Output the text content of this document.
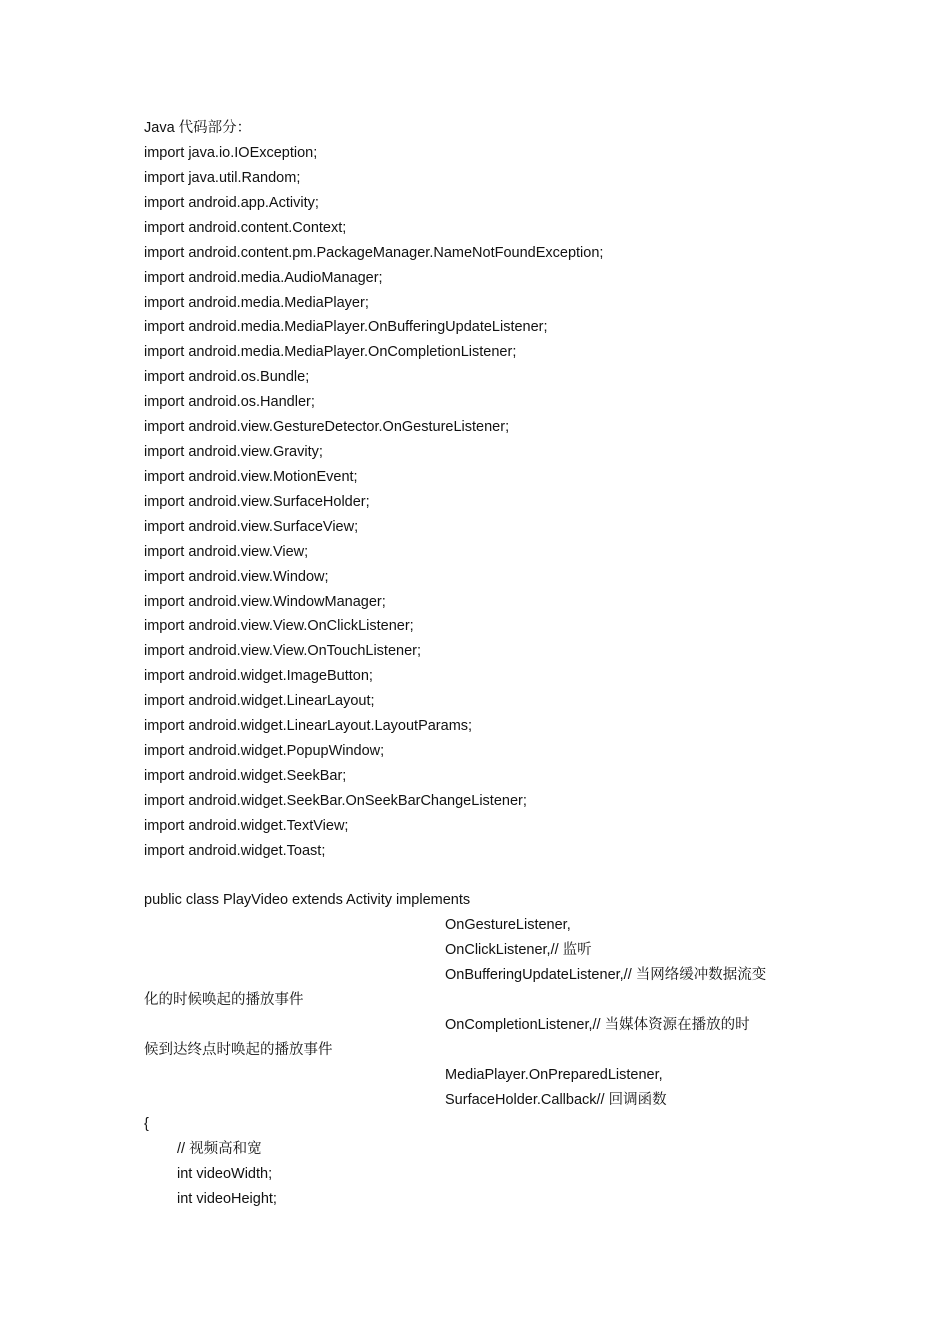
Java 代码部分：

import java.io.IOException;

import java.util.Random;

import android.app.Activity;

import android.content.Context;

import android.content.pm.PackageManager.NameNotFoundException;

import android.media.AudioManager;

import android.media.MediaPlayer;

import android.media.MediaPlayer.OnBufferingUpdateListener;

import android.media.MediaPlayer.OnCompletionListener;

import android.os.Bundle;

import android.os.Handler;

import android.view.GestureDetector.OnGestureListener;

import android.view.Gravity;

import android.view.MotionEvent;

import android.view.SurfaceHolder;

import android.view.SurfaceView;

import android.view.View;

import android.view.Window;

import android.view.WindowManager;

import android.view.View.OnClickListener;

import android.view.View.OnTouchListener;

import android.widget.ImageButton;

import android.widget.LinearLayout;

import android.widget.LinearLayout.LayoutParams;

import android.widget.PopupWindow;

import android.widget.SeekBar;

import android.widget.SeekBar.OnSeekBarChangeListener;

import android.widget.TextView;

import android.widget.Toast;

public class PlayVideo extends Activity implements

OnGestureListener,

OnClickListener,// 监听

OnBufferingUpdateListener,// 当网络缓冲数据流变

化的时候唤起的播放事件

OnCompletionListener,// 当媒体资源在播放的时

候到达终点时唤起的播放事件

MediaPlayer.OnPreparedListener,

SurfaceHolder.Callback// 回调函数

{

// 视频高和宽

int videoWidth;

int videoHeight;
